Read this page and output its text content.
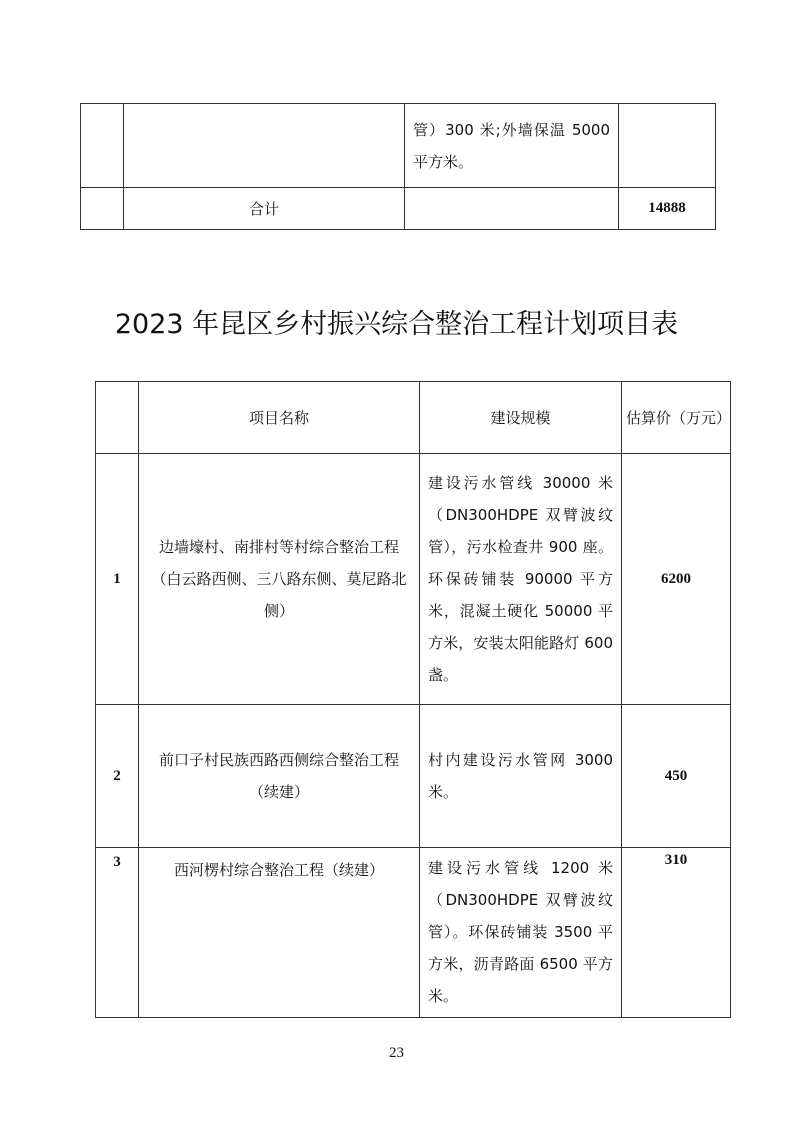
		管）300 米;外墙保温 5000 平方米。	
	合计		14888
2023 年昆区乡村振兴综合整治工程计划项目表
	项目名称	建设规模	估算价（万元）
1	边墙壕村、南排村等村综合整治工程（白云路西侧、三八路东侧、莫尼路北侧）	建设污水管线 30000 米（DN300HDPE 双臂波纹管），污水检查井 900 座。环保砖铺装 90000 平方米，混凝土硬化 50000 平方米，安装太阳能路灯 600 盏。	6200
2	前口子村民族西路西侧综合整治工程（续建）	村内建设污水管网 3000 米。	450
3	西河楞村综合整治工程（续建）	建设污水管线 1200 米（DN300HDPE 双臂波纹管）。环保砖铺装 3500 平方米，沥青路面 6500 平方米。	310
23
